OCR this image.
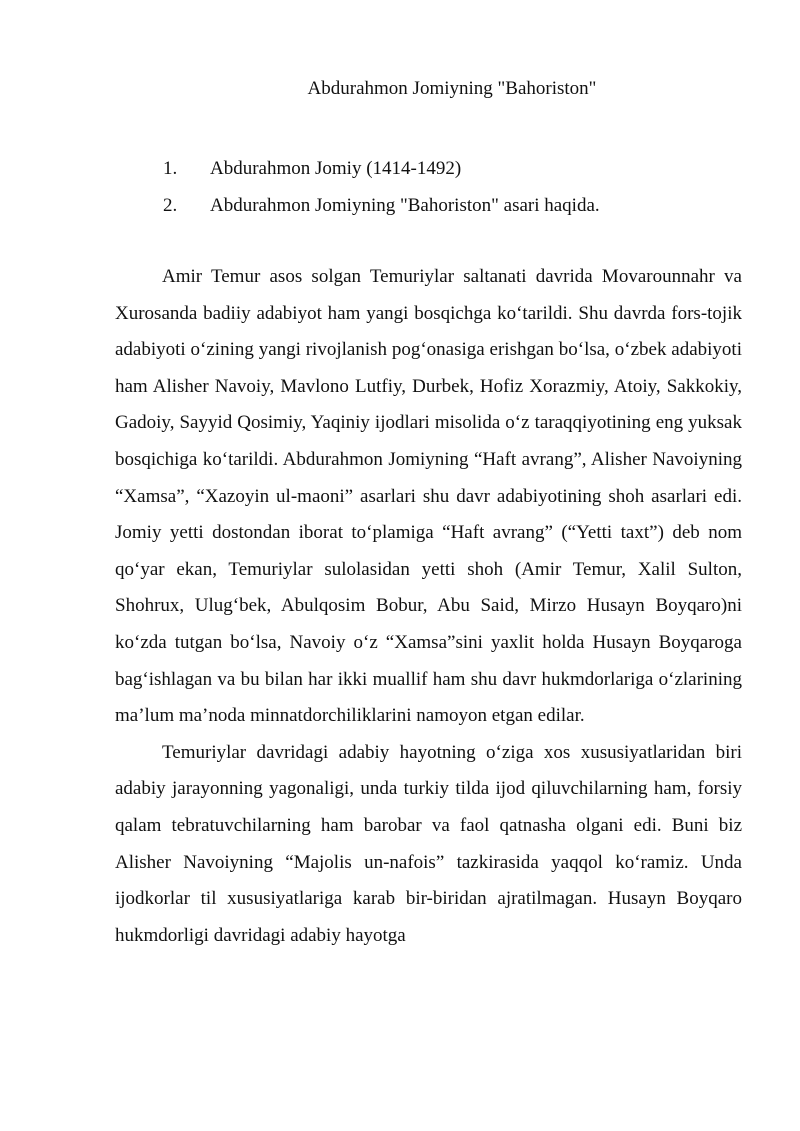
Abdurahmon Jomiyning "Bahoriston"
1.	Abdurahmon Jomiy (1414-1492)
2.	Abdurahmon Jomiyning "Bahoriston" asari haqida.

Amir Temur asos solgan Temuriylar saltanati davrida Movarounnahr va Xurosanda badiiy adabiyot ham yangi bosqichga ko‘tarildi. Shu davrda fors-tojik adabiyoti o‘zining yangi rivojlanish pog‘onasiga erishgan bo‘lsa, o‘zbek adabiyoti ham Alisher Navoiy, Mavlono Lutfiy, Durbek, Hofiz Xorazmiy, Atoiy, Sakkokiy, Gadoiy, Sayyid Qosimiy, Yaqiniy ijodlari misolida o‘z taraqqiyotining eng yuksak bosqichiga ko‘tarildi. Abdurahmon Jomiyning “Haft avrang”, Alisher Navoiyning “Xamsa”, “Xazoyin ul-maoni” asarlari shu davr adabiyotining shoh asarlari edi. Jomiy yetti dostondan iborat to‘plamiga “Haft avrang” (“Yetti taxt”) deb nom qo‘yar ekan, Temuriylar sulolasidan yetti shoh (Amir Temur, Xalil Sulton, Shohrux, Ulug‘bek, Abulqosim Bobur, Abu Said, Mirzo Husayn Boyqaro)ni ko‘zda tutgan bo‘lsa, Navoiy o‘z “Xamsa”sini yaxlit holda Husayn Boyqaroga bag‘ishlagan va bu bilan har ikki muallif ham shu davr hukmdorlariga o‘zlarining ma’lum ma’noda minnatdorchiliklarini namoyon etgan edilar.

Temuriylar davridagi adabiy hayotning o‘ziga xos xususiyatlaridan biri adabiy jarayonning yagonaligi, unda turkiy tilda ijod qiluvchilarning ham, forsiy qalam tebratuvchilarning ham barobar va faol qatnasha olgani edi. Buni biz Alisher Navoiyning “Majolis un-nafois” tazkirasida yaqqol ko‘ramiz. Unda ijodkorlar til xususiyatlariga karab bir-biridan ajratilmagan. Husayn Boyqaro hukmdorligi davridagi adabiy hayotga
